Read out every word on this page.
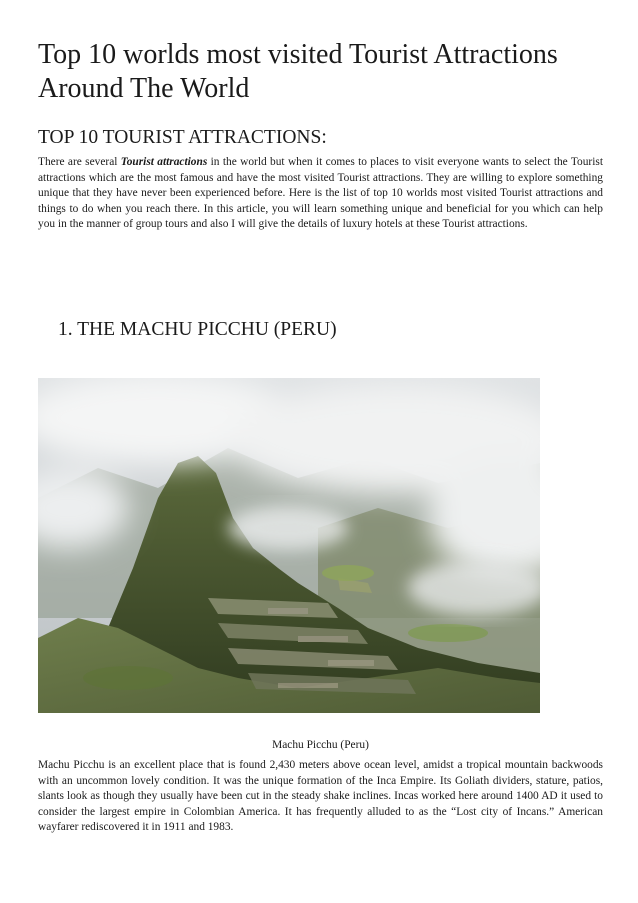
Top 10 worlds most visited Tourist Attractions Around The World
TOP 10 TOURIST ATTRACTIONS:

There are several Tourist attractions in the world but when it comes to places to visit everyone wants to select the Tourist attractions which are the most famous and have the most visited Tourist attractions. They are willing to explore something unique that they have never been experienced before. Here is the list of top 10 worlds most visited Tourist attractions and things to do when you reach there. In this article, you will learn something unique and beneficial for you which can help you in the manner of group tours and also I will give the details of luxury hotels at these Tourist attractions.

1. THE MACHU PICCHU (PERU)

Machu Picchu (Peru)

Machu Picchu is an excellent place that is found 2,430 meters above ocean level, amidst a tropical mountain backwoods with an uncommon lovely condition. It was the unique formation of the Inca Empire. Its Goliath dividers, stature, patios, slants look as though they usually have been cut in the steady shake inclines. Incas worked here around 1400 AD it used to consider the largest empire in Colombian America. It has frequently alluded to as the “Lost city of Incans.” American wayfarer rediscovered it in 1911 and 1983.
